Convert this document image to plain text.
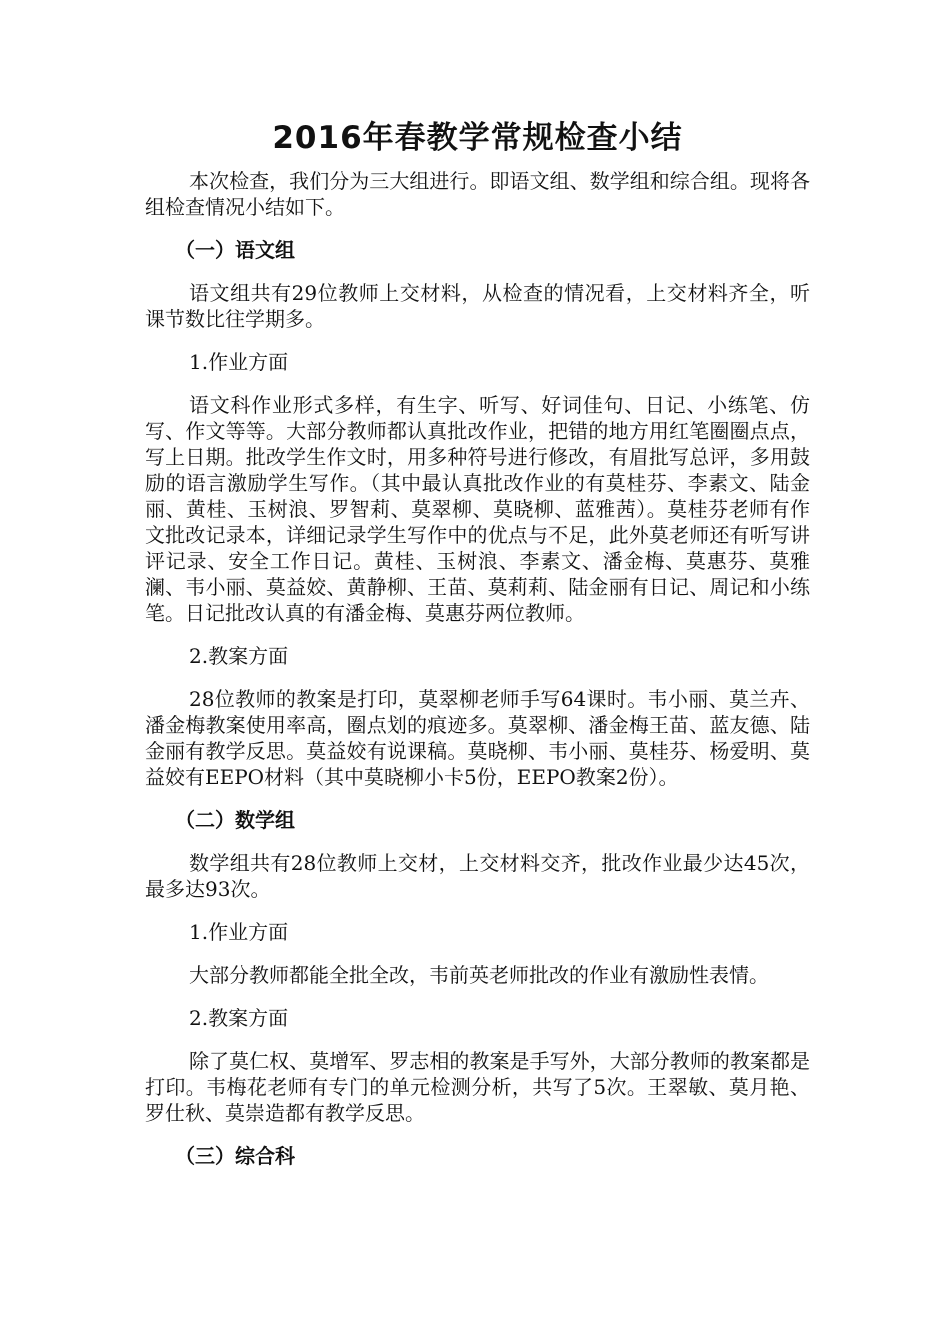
2016年春教学常规检查小结

本次检查，我们分为三大组进行。即语文组、数学组和综合组。现将各组检查情况小结如下。

（一）语文组

语文组共有29位教师上交材料，从检查的情况看，上交材料齐全，听课节数比往学期多。

1.作业方面

语文科作业形式多样，有生字、听写、好词佳句、日记、小练笔、仿写、作文等等。大部分教师都认真批改作业，把错的地方用红笔圈圈点点，写上日期。批改学生作文时，用多种符号进行修改，有眉批写总评，多用鼓励的语言激励学生写作。（其中最认真批改作业的有莫桂芬、李素文、陆金丽、黄桂、玉树浪、罗智莉、莫翠柳、莫晓柳、蓝雅茜）。莫桂芬老师有作文批改记录本，详细记录学生写作中的优点与不足，此外莫老师还有听写讲评记录、安全工作日记。黄桂、玉树浪、李素文、潘金梅、莫惠芬、莫雅澜、韦小丽、莫益姣、黄静柳、王苗、莫莉莉、陆金丽有日记、周记和小练笔。日记批改认真的有潘金梅、莫惠芬两位教师。

2.教案方面

28位教师的教案是打印，莫翠柳老师手写64课时。韦小丽、莫兰卉、潘金梅教案使用率高，圈点划的痕迹多。莫翠柳、潘金梅王苗、蓝友德、陆金丽有教学反思。莫益姣有说课稿。莫晓柳、韦小丽、莫桂芬、杨爱明、莫益姣有EEPO材料（其中莫晓柳小卡5份，EEPO教案2份）。

（二）数学组

数学组共有28位教师上交材，上交材料交齐，批改作业最少达45次，最多达93次。

1.作业方面

大部分教师都能全批全改，韦前英老师批改的作业有激励性表情。

2.教案方面

除了莫仁权、莫增军、罗志相的教案是手写外，大部分教师的教案都是打印。韦梅花老师有专门的单元检测分析，共写了5次。王翠敏、莫月艳、罗仕秋、莫崇造都有教学反思。

（三）综合科
